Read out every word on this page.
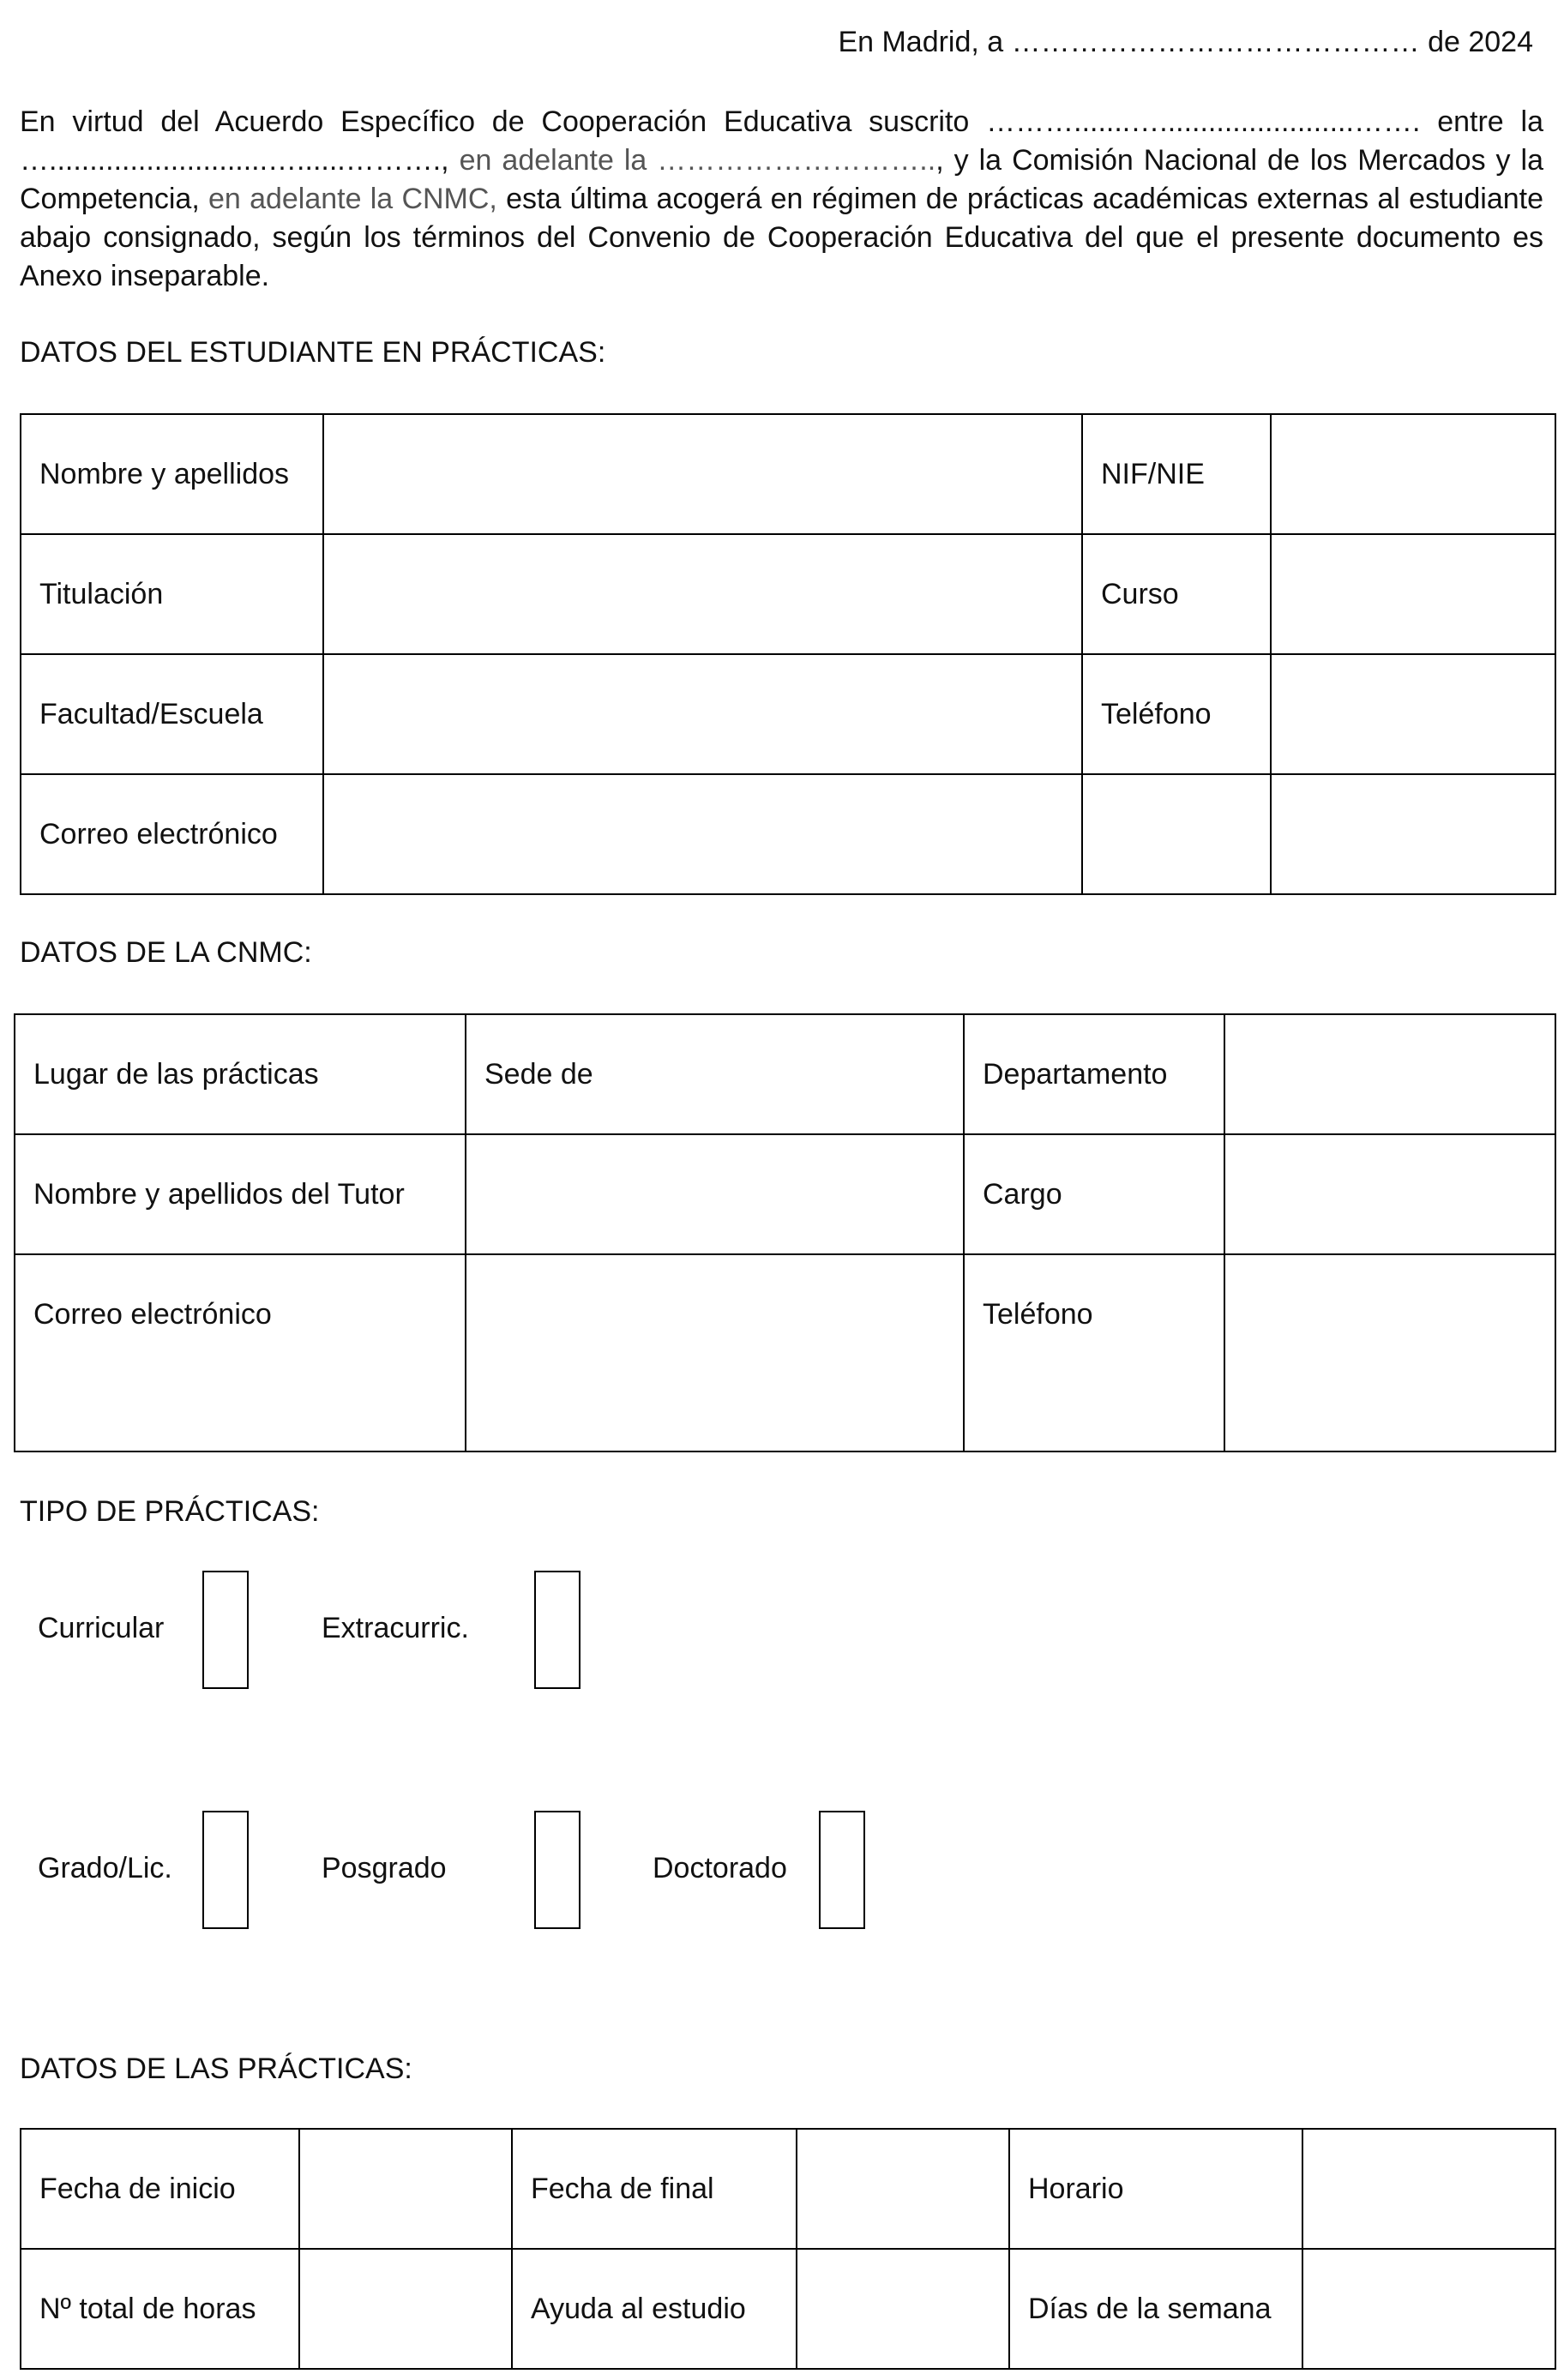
En Madrid, a …………………………………… de 2024
En virtud del Acuerdo Específico de Cooperación Educativa suscrito ……….......…........................……. entre la …...........................…......………., en adelante la ……………………….., y la Comisión Nacional de los Mercados y la Competencia, en adelante la CNMC, esta última acogerá en régimen de prácticas académicas externas al estudiante abajo consignado, según los términos del Convenio de Cooperación Educativa del que el presente documento es Anexo inseparable.
DATOS DEL ESTUDIANTE EN PRÁCTICAS:
Nombre y apellidos		NIF/NIE	
Titulación		Curso	
Facultad/Escuela		Teléfono	
Correo electrónico			
DATOS DE LA CNMC:
Lugar de las prácticas	Sede de	Departamento	
Nombre y apellidos del Tutor		Cargo	
Correo electrónico		Teléfono	
TIPO DE PRÁCTICAS:
Curricular	Extracurric.
Grado/Lic.	Posgrado	Doctorado
DATOS DE LAS PRÁCTICAS:
Fecha de inicio		Fecha de final		Horario	
Nº total de horas		Ayuda al estudio		Días de la semana	
